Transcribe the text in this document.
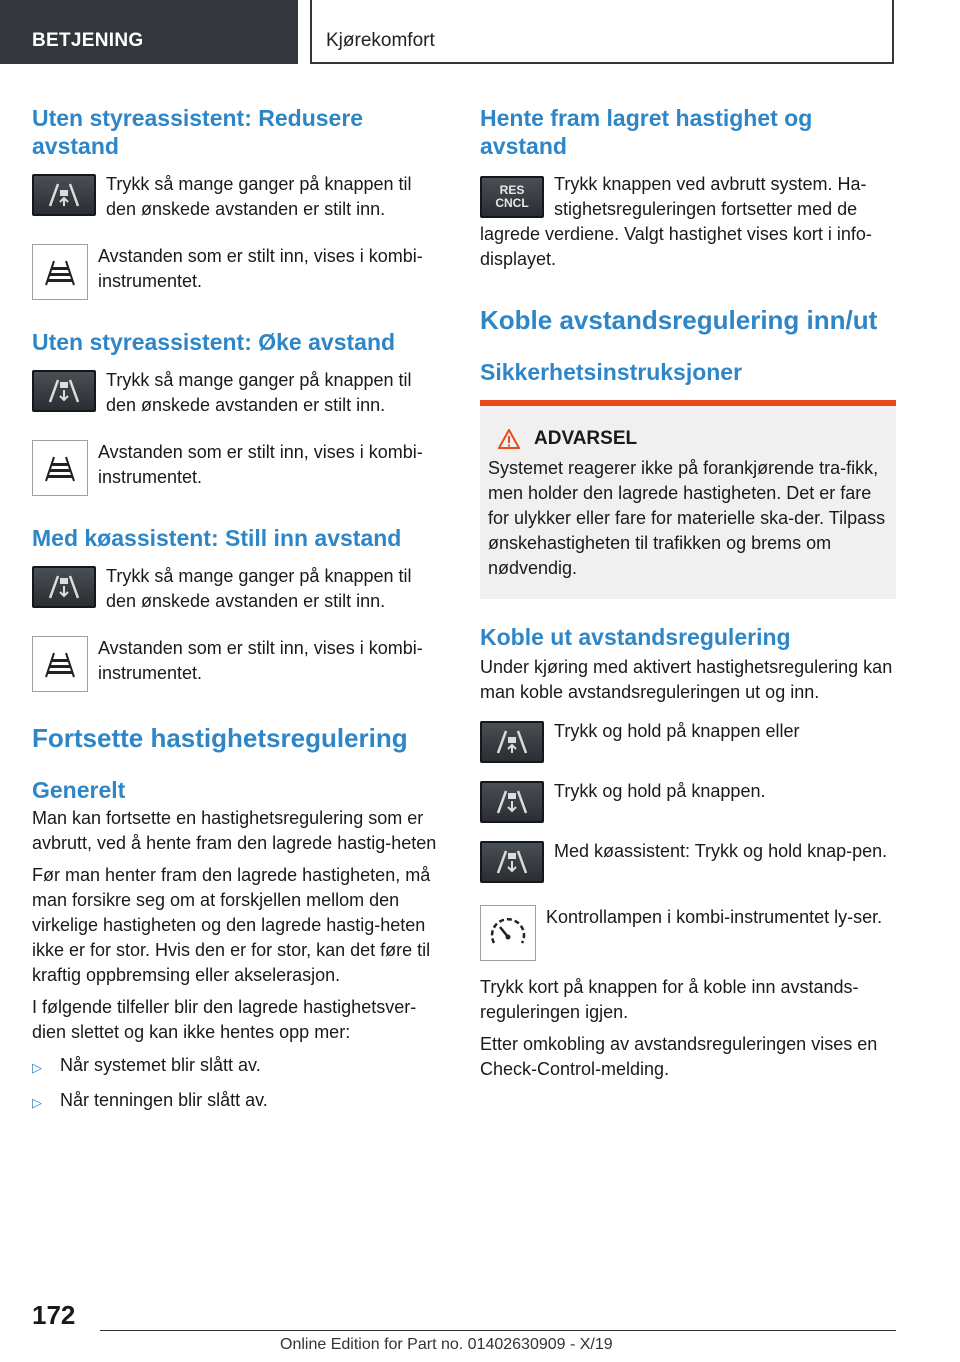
BETJENING	Kjørekomfort
Uten styreassistent: Redusere avstand

Trykk så mange ganger på knappen til den ønskede avstanden er stilt inn.

Avstanden som er stilt inn, vises i kombi-instrumentet.

Uten styreassistent: Øke avstand

Trykk så mange ganger på knappen til den ønskede avstanden er stilt inn.

Avstanden som er stilt inn, vises i kombi-instrumentet.

Med køassistent: Still inn avstand

Trykk så mange ganger på knappen til den ønskede avstanden er stilt inn.

Avstanden som er stilt inn, vises i kombi-instrumentet.

Fortsette hastighetsregulering
Generelt

Man kan fortsette en hastighetsregulering som er avbrutt, ved å hente fram den lagrede hastig-heten

Før man henter fram den lagrede hastigheten, må man forsikre seg om at forskjellen mellom den virkelige hastigheten og den lagrede hastig-heten ikke er for stor. Hvis den er for stor, kan det føre til kraftig oppbremsing eller akselerasjon.

I følgende tilfeller blir den lagrede hastighetsver-dien slettet og kan ikke hentes opp mer:

▷	Når systemet blir slått av.
▷	Når tenningen blir slått av.
Hente fram lagret hastighet og avstand
RES
CNCL

Trykk knappen ved avbrutt system. Ha-stighetsreguleringen fortsetter med de lagrede verdiene. Valgt hastighet vises kort i info-displayet.

Koble avstandsregulering inn/ut
Sikkerhetsinstruksjoner
ADVARSEL

Systemet reagerer ikke på forankjørende tra-fikk, men holder den lagrede hastigheten. Det er fare for ulykker eller fare for materielle ska-der. Tilpass ønskehastigheten til trafikken og brems om nødvendig.

Koble ut avstandsregulering

Under kjøring med aktivert hastighetsregulering kan man koble avstandsreguleringen ut og inn.

Trykk og hold på knappen eller

Trykk og hold på knappen.

Med køassistent: Trykk og hold knap-pen.

Kontrollampen i kombi-instrumentet ly-ser.

Trykk kort på knappen for å koble inn avstands-reguleringen igjen.

Etter omkobling av avstandsreguleringen vises en Check-Control-melding.

172
Online Edition for Part no. 01402630909 - X/19
